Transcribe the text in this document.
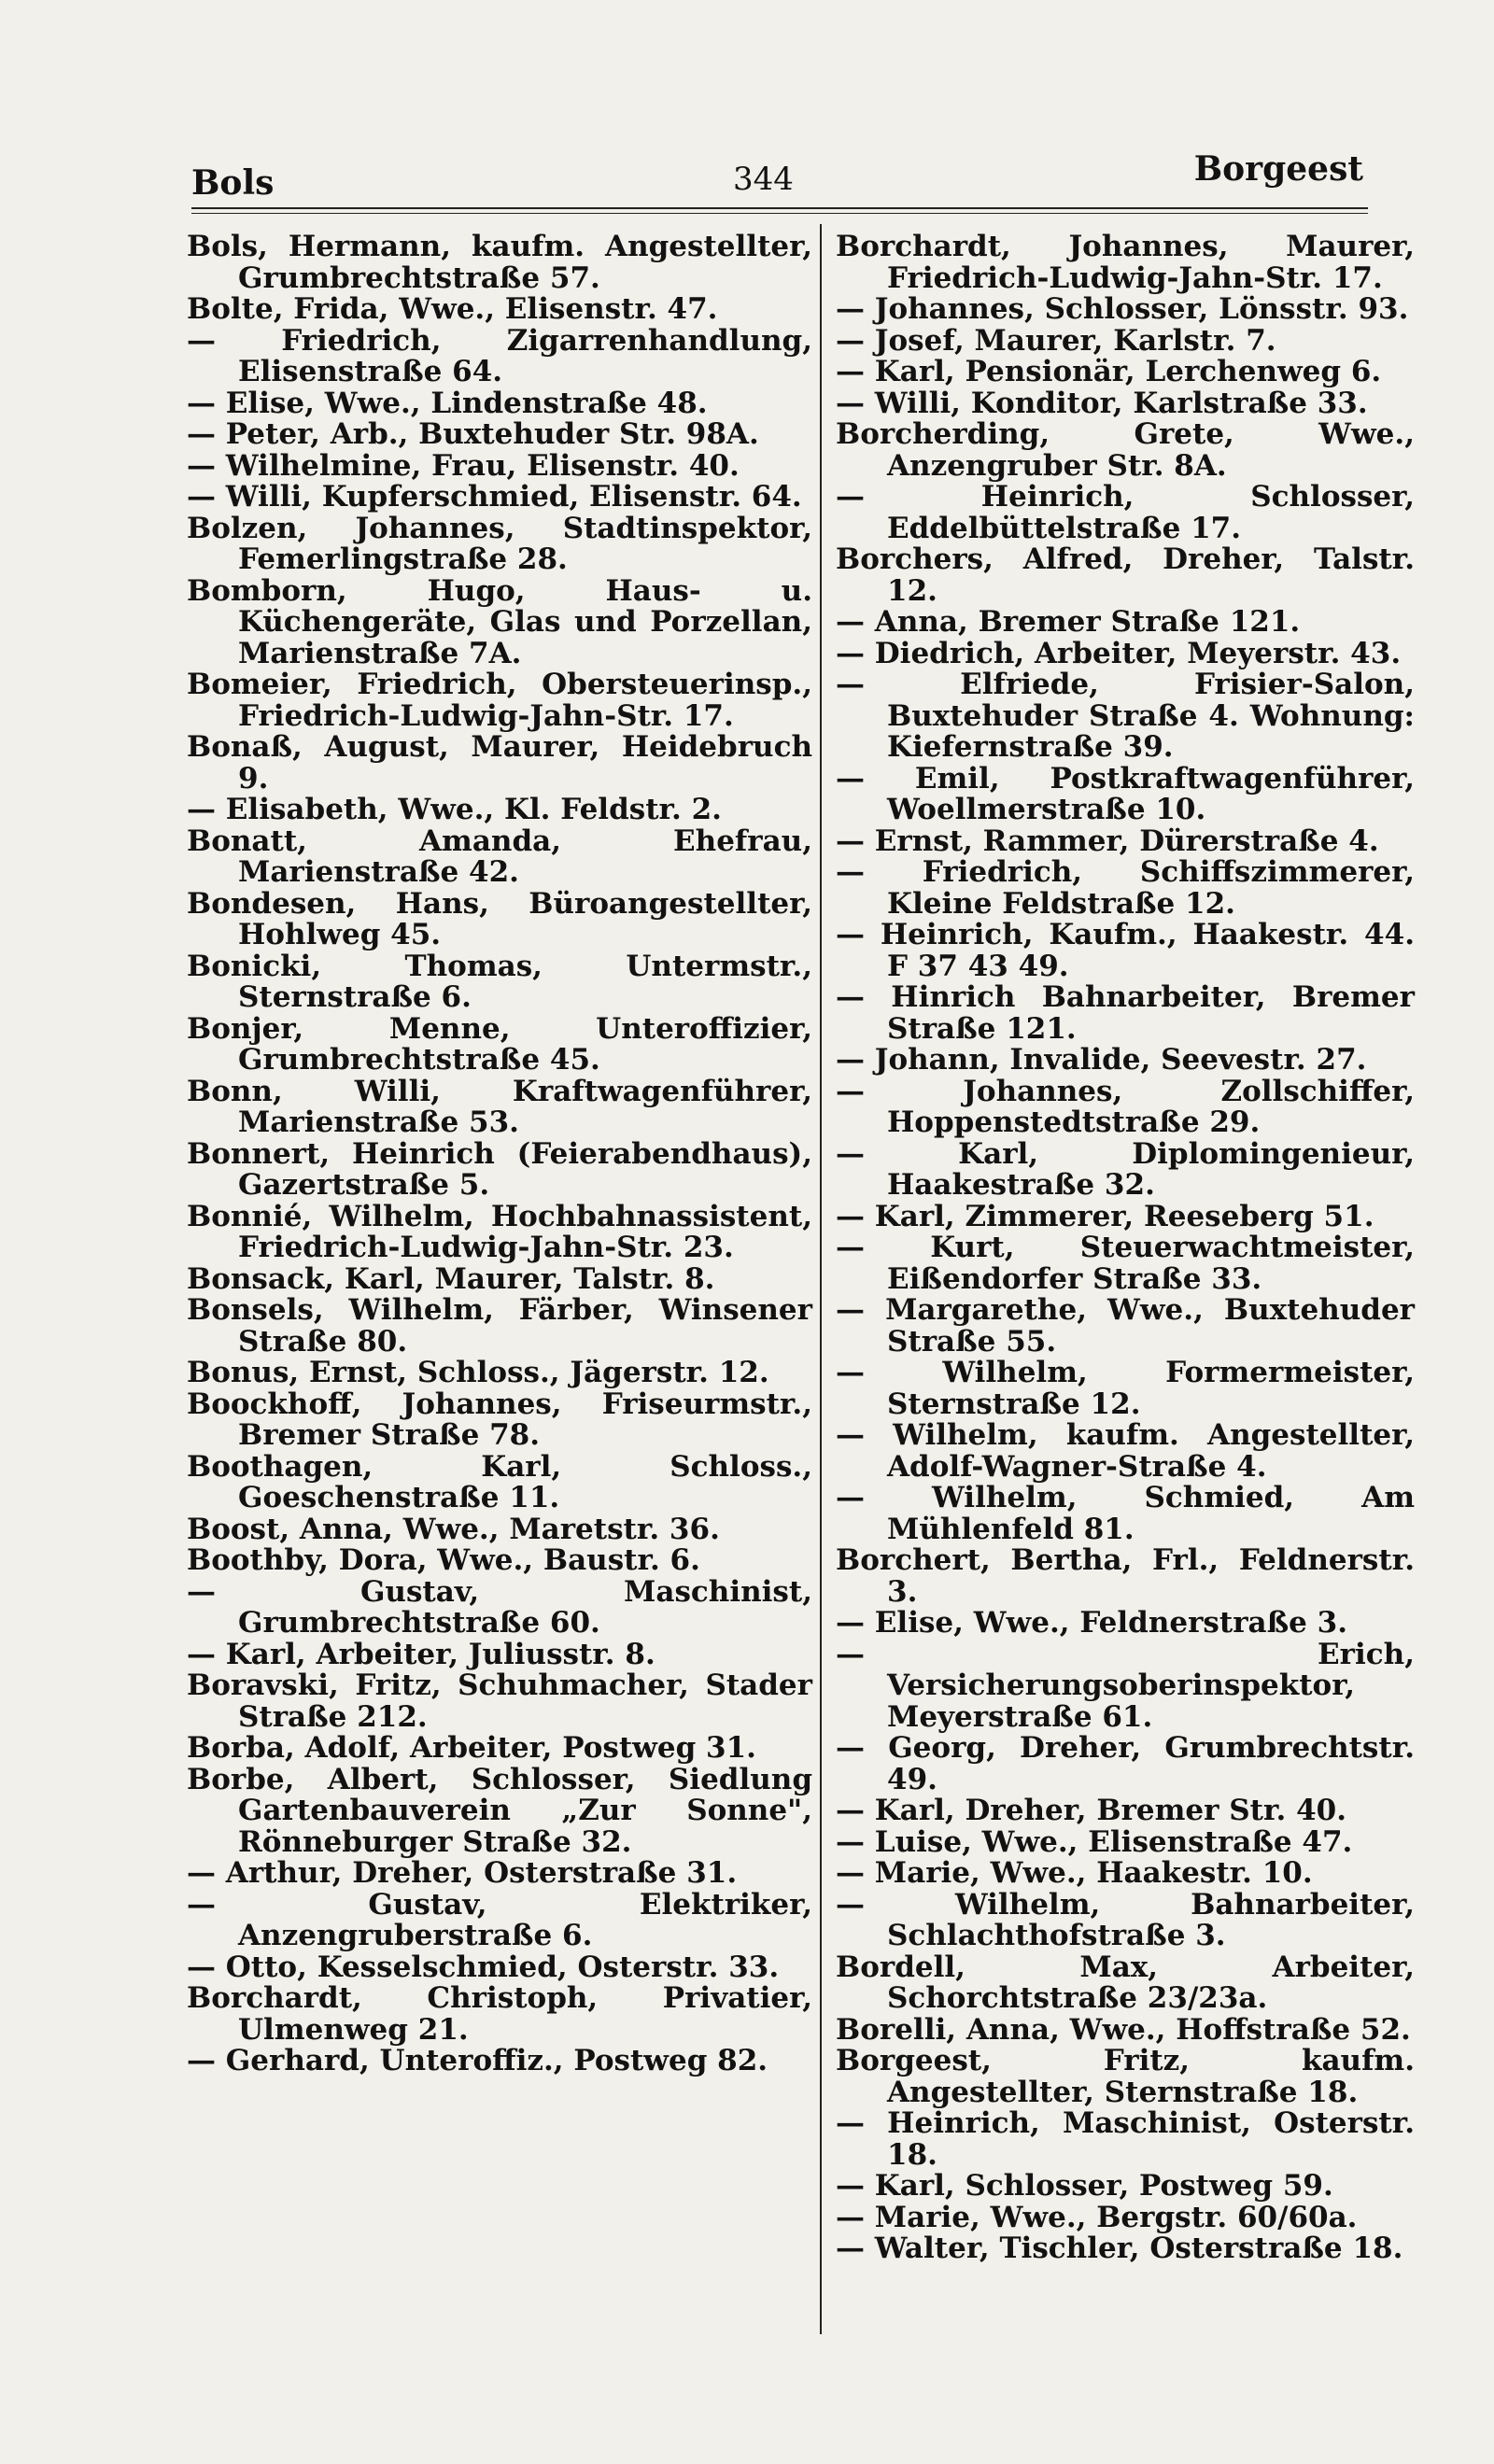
Bols	344	Borgeest
Bols, Hermann, kaufm. Angestellter, Grumbrechtstraße 57.
Bolte, Frida, Wwe., Elisenstr. 47.
— Friedrich, Zigarrenhandlung, Elisenstraße 64.
— Elise, Wwe., Lindenstraße 48.
— Peter, Arb., Buxtehuder Str. 98A.
— Wilhelmine, Frau, Elisenstr. 40.
— Willi, Kupferschmied, Elisenstr. 64.
Bolzen, Johannes, Stadtinspektor, Femerlingstraße 28.
Bomborn, Hugo, Haus- u. Küchengeräte, Glas und Porzellan, Marienstraße 7A.
Bomeier, Friedrich, Obersteuerinsp., Friedrich-Ludwig-Jahn-Str. 17.
Bonaß, August, Maurer, Heidebruch 9.
— Elisabeth, Wwe., Kl. Feldstr. 2.
Bonatt, Amanda, Ehefrau, Marienstraße 42.
Bondesen, Hans, Büroangestellter, Hohlweg 45.
Bonicki, Thomas, Untermstr., Sternstraße 6.
Bonjer, Menne, Unteroffizier, Grumbrechtstraße 45.
Bonn, Willi, Kraftwagenführer, Marienstraße 53.
Bonnert, Heinrich (Feierabendhaus), Gazertstraße 5.
Bonnié, Wilhelm, Hochbahnassistent, Friedrich-Ludwig-Jahn-Str. 23.
Bonsack, Karl, Maurer, Talstr. 8.
Bonsels, Wilhelm, Färber, Winsener Straße 80.
Bonus, Ernst, Schloss., Jägerstr. 12.
Boockhoff, Johannes, Friseurmstr., Bremer Straße 78.
Boothagen, Karl, Schloss., Goeschenstraße 11.
Boost, Anna, Wwe., Maretstr. 36.
Boothby, Dora, Wwe., Baustr. 6.
— Gustav, Maschinist, Grumbrechtstraße 60.
— Karl, Arbeiter, Juliusstr. 8.
Boravski, Fritz, Schuhmacher, Stader Straße 212.
Borba, Adolf, Arbeiter, Postweg 31.
Borbe, Albert, Schlosser, Siedlung Gartenbauverein „Zur Sonne", Rönneburger Straße 32.
— Arthur, Dreher, Osterstraße 31.
— Gustav, Elektriker, Anzengruberstraße 6.
— Otto, Kesselschmied, Osterstr. 33.
Borchardt, Christoph, Privatier, Ulmenweg 21.
— Gerhard, Unteroffiz., Postweg 82.
Borchardt, Johannes, Maurer, Friedrich-Ludwig-Jahn-Str. 17.
— Johannes, Schlosser, Lönsstr. 93.
— Josef, Maurer, Karlstr. 7.
— Karl, Pensionär, Lerchenweg 6.
— Willi, Konditor, Karlstraße 33.
Borcherding, Grete, Wwe., Anzengruber Str. 8A.
— Heinrich, Schlosser, Eddelbüttelstraße 17.
Borchers, Alfred, Dreher, Talstr. 12.
— Anna, Bremer Straße 121.
— Diedrich, Arbeiter, Meyerstr. 43.
— Elfriede, Frisier-Salon, Buxtehuder Straße 4. Wohnung: Kiefernstraße 39.
— Emil, Postkraftwagenführer, Woellmerstraße 10.
— Ernst, Rammer, Dürerstraße 4.
— Friedrich, Schiffszimmerer, Kleine Feldstraße 12.
— Heinrich, Kaufm., Haakestr. 44. F 37 43 49.
— Hinrich Bahnarbeiter, Bremer Straße 121.
— Johann, Invalide, Seevestr. 27.
— Johannes, Zollschiffer, Hoppenstedtstraße 29.
— Karl, Diplomingenieur, Haakestraße 32.
— Karl, Zimmerer, Reeseberg 51.
— Kurt, Steuerwachtmeister, Eißendorfer Straße 33.
— Margarethe, Wwe., Buxtehuder Straße 55.
— Wilhelm, Formermeister, Sternstraße 12.
— Wilhelm, kaufm. Angestellter, Adolf-Wagner-Straße 4.
— Wilhelm, Schmied, Am Mühlenfeld 81.
Borchert, Bertha, Frl., Feldnerstr. 3.
— Elise, Wwe., Feldnerstraße 3.
— Erich, Versicherungsoberinspektor, Meyerstraße 61.
— Georg, Dreher, Grumbrechtstr. 49.
— Karl, Dreher, Bremer Str. 40.
— Luise, Wwe., Elisenstraße 47.
— Marie, Wwe., Haakestr. 10.
— Wilhelm, Bahnarbeiter, Schlachthofstraße 3.
Bordell, Max, Arbeiter, Schorchtstraße 23/23a.
Borelli, Anna, Wwe., Hoffstraße 52.
Borgeest, Fritz, kaufm. Angestellter, Sternstraße 18.
— Heinrich, Maschinist, Osterstr. 18.
— Karl, Schlosser, Postweg 59.
— Marie, Wwe., Bergstr. 60/60a.
— Walter, Tischler, Osterstraße 18.
